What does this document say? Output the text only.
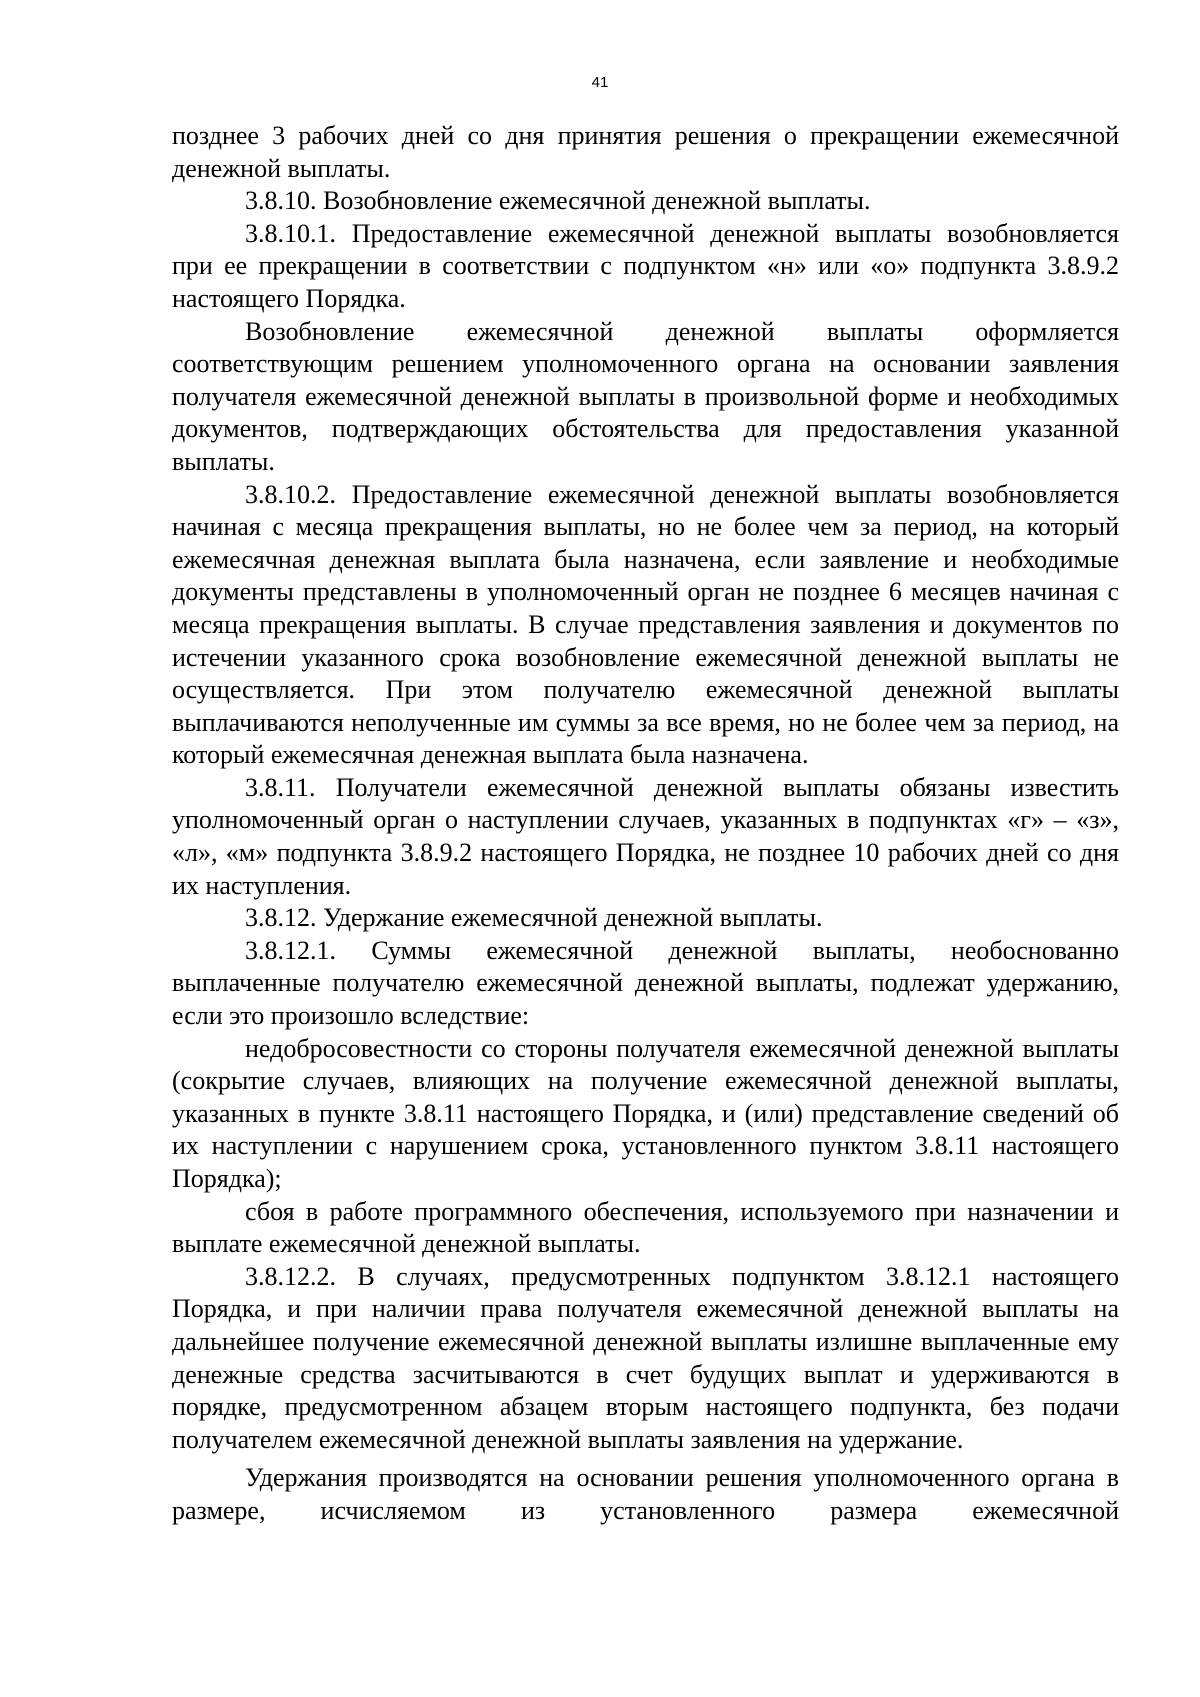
41

позднее 3 рабочих дней со дня принятия решения о прекращении ежемесячной денежной выплаты.

3.8.10. Возобновление ежемесячной денежной выплаты.

3.8.10.1. Предоставление ежемесячной денежной выплаты возобновляется при ее прекращении в соответствии с подпунктом «н» или «о» подпункта 3.8.9.2 настоящего Порядка.

Возобновление ежемесячной денежной выплаты оформляется соответствующим решением уполномоченного органа на основании заявления получателя ежемесячной денежной выплаты в произвольной форме и необходимых документов, подтверждающих обстоятельства для предоставления указанной выплаты.

3.8.10.2. Предоставление ежемесячной денежной выплаты возобновляется начиная с месяца прекращения выплаты, но не более чем за период, на который ежемесячная денежная выплата была назначена, если заявление и необходимые документы представлены в уполномоченный орган не позднее 6 месяцев начиная с месяца прекращения выплаты. В случае представления заявления и документов по истечении указанного срока возобновление ежемесячной денежной выплаты не осуществляется. При этом получателю ежемесячной денежной выплаты выплачиваются неполученные им суммы за все время, но не более чем за период, на который ежемесячная денежная выплата была назначена.

3.8.11. Получатели ежемесячной денежной выплаты обязаны известить уполномоченный орган о наступлении случаев, указанных в подпунктах «г» – «з», «л», «м» подпункта 3.8.9.2 настоящего Порядка, не позднее 10 рабочих дней со дня их наступления.

3.8.12. Удержание ежемесячной денежной выплаты.

3.8.12.1. Суммы ежемесячной денежной выплаты, необоснованно выплаченные получателю ежемесячной денежной выплаты, подлежат удержанию, если это произошло вследствие:

недобросовестности со стороны получателя ежемесячной денежной выплаты (сокрытие случаев, влияющих на получение ежемесячной денежной выплаты, указанных в пункте 3.8.11 настоящего Порядка, и (или) представление сведений об их наступлении с нарушением срока, установленного пунктом 3.8.11 настоящего Порядка);

сбоя в работе программного обеспечения, используемого при назначении и выплате ежемесячной денежной выплаты.

3.8.12.2. В случаях, предусмотренных подпунктом 3.8.12.1 настоящего Порядка, и при наличии права получателя ежемесячной денежной выплаты на дальнейшее получение ежемесячной денежной выплаты излишне выплаченные ему денежные средства засчитываются в счет будущих выплат и удерживаются в порядке, предусмотренном абзацем вторым настоящего подпункта, без подачи получателем ежемесячной денежной выплаты заявления на удержание.

Удержания производятся на основании решения уполномоченного органа в размере, исчисляемом из установленного размера ежемесячной
